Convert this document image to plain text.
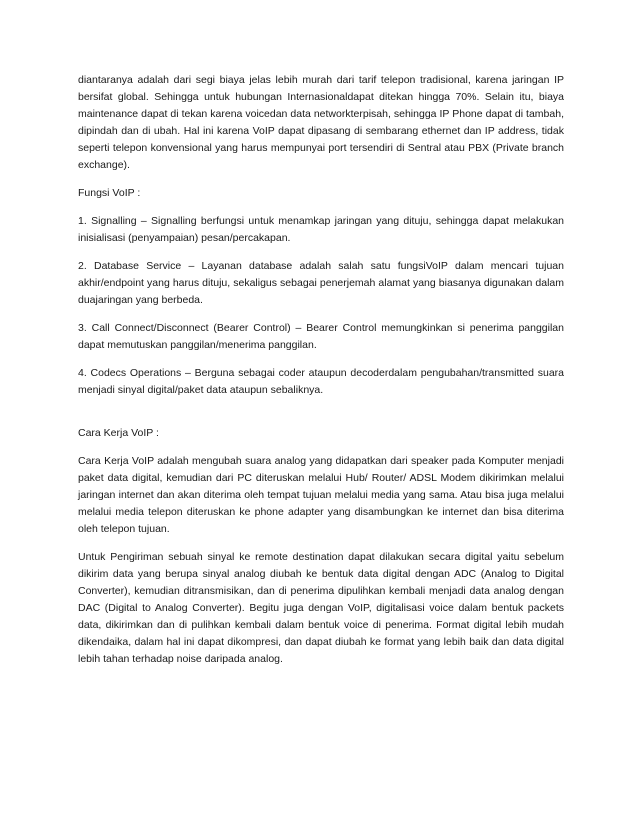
diantaranya adalah dari segi biaya jelas lebih murah dari tarif telepon tradisional, karena jaringan IP bersifat global. Sehingga untuk hubungan Internasionaldapat ditekan hingga 70%. Selain itu, biaya maintenance dapat di tekan karena voicedan data networkterpisah, sehingga IP Phone dapat di tambah, dipindah dan di ubah. Hal ini karena VoIP dapat dipasang di sembarang ethernet dan IP address, tidak seperti telepon konvensional yang harus mempunyai port tersendiri di Sentral atau PBX (Private branch exchange).

Fungsi VoIP :

1. Signalling – Signalling berfungsi untuk menamkap jaringan yang dituju, sehingga dapat melakukan inisialisasi (penyampaian) pesan/percakapan.

2. Database Service – Layanan database adalah salah satu fungsiVoIP dalam mencari tujuan akhir/endpoint yang harus dituju, sekaligus sebagai penerjemah alamat yang biasanya digunakan dalam duajaringan yang berbeda.

3. Call Connect/Disconnect (Bearer Control) – Bearer Control memungkinkan si penerima panggilan dapat memutuskan panggilan/menerima panggilan.

4. Codecs Operations – Berguna sebagai coder ataupun decoderdalam pengubahan/transmitted suara menjadi sinyal digital/paket data ataupun sebaliknya.

Cara Kerja VoIP :

Cara Kerja VoIP adalah mengubah suara analog yang didapatkan dari speaker pada Komputer menjadi paket data digital, kemudian dari PC diteruskan melalui Hub/ Router/ ADSL Modem dikirimkan melalui jaringan internet dan akan diterima oleh tempat tujuan melalui media yang sama. Atau bisa juga melalui melalui media telepon diteruskan ke phone adapter yang disambungkan ke internet dan bisa diterima oleh telepon tujuan.

Untuk Pengiriman sebuah sinyal ke remote destination dapat dilakukan secara digital yaitu sebelum dikirim data yang berupa sinyal analog diubah ke bentuk data digital dengan ADC (Analog to Digital Converter), kemudian ditransmisikan, dan di penerima dipulihkan kembali menjadi data analog dengan DAC (Digital to Analog Converter). Begitu juga dengan VoIP, digitalisasi voice dalam bentuk packets data, dikirimkan dan di pulihkan kembali dalam bentuk voice di penerima. Format digital lebih mudah dikendaika, dalam hal ini dapat dikompresi, dan dapat diubah ke format yang lebih baik dan data digital lebih tahan terhadap noise daripada analog.
